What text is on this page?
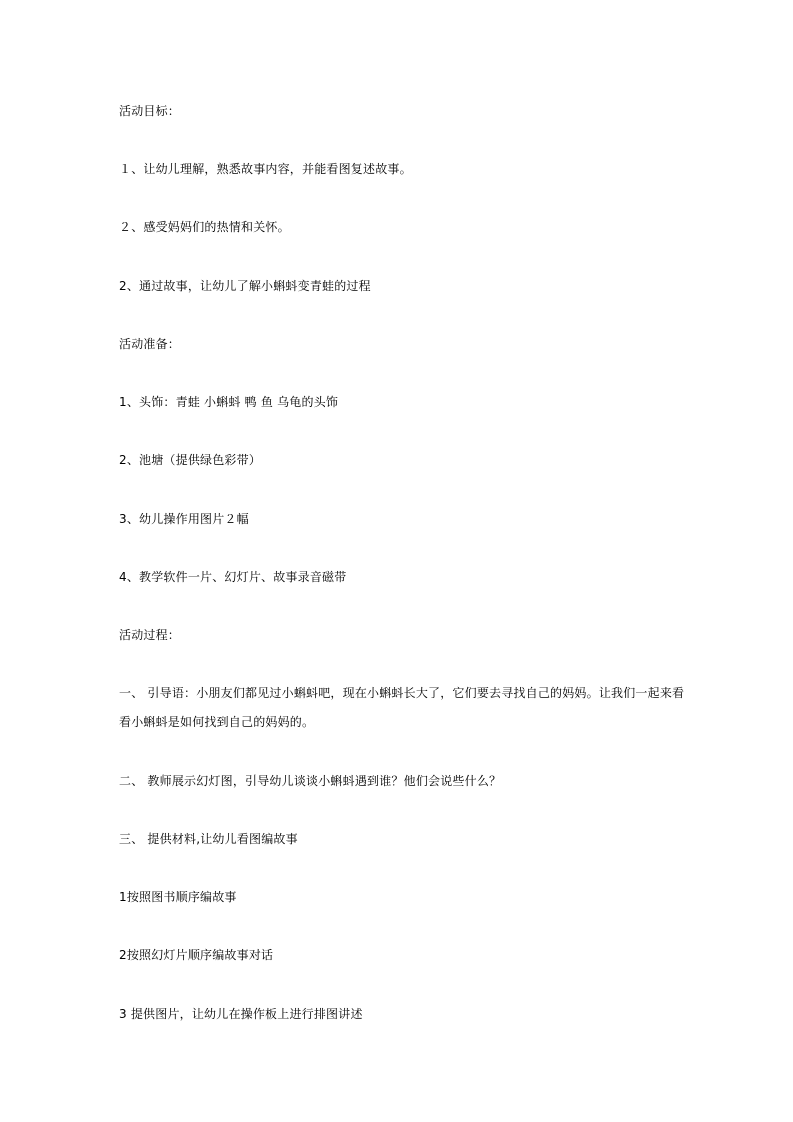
活动目标：
１、让幼儿理解，熟悉故事内容，并能看图复述故事。
２、感受妈妈们的热情和关怀。
2、通过故事，让幼儿了解小蝌蚪变青蛙的过程
活动准备：
1、头饰：青蛙 小蝌蚪 鸭 鱼 乌龟的头饰
2、池塘（提供绿色彩带）
3、幼儿操作用图片２幅
4、教学软件一片、幻灯片、故事录音磁带
活动过程：
一、 引导语：小朋友们都见过小蝌蚪吧，现在小蝌蚪长大了，它们要去寻找自己的妈妈。让我们一起来看
看小蝌蚪是如何找到自己的妈妈的。
二、 教师展示幻灯图，引导幼儿谈谈小蝌蚪遇到谁？他们会说些什么？
三、 提供材料,让幼儿看图编故事
1按照图书顺序编故事
2按照幻灯片顺序编故事对话
3 提供图片，让幼儿在操作板上进行排图讲述
